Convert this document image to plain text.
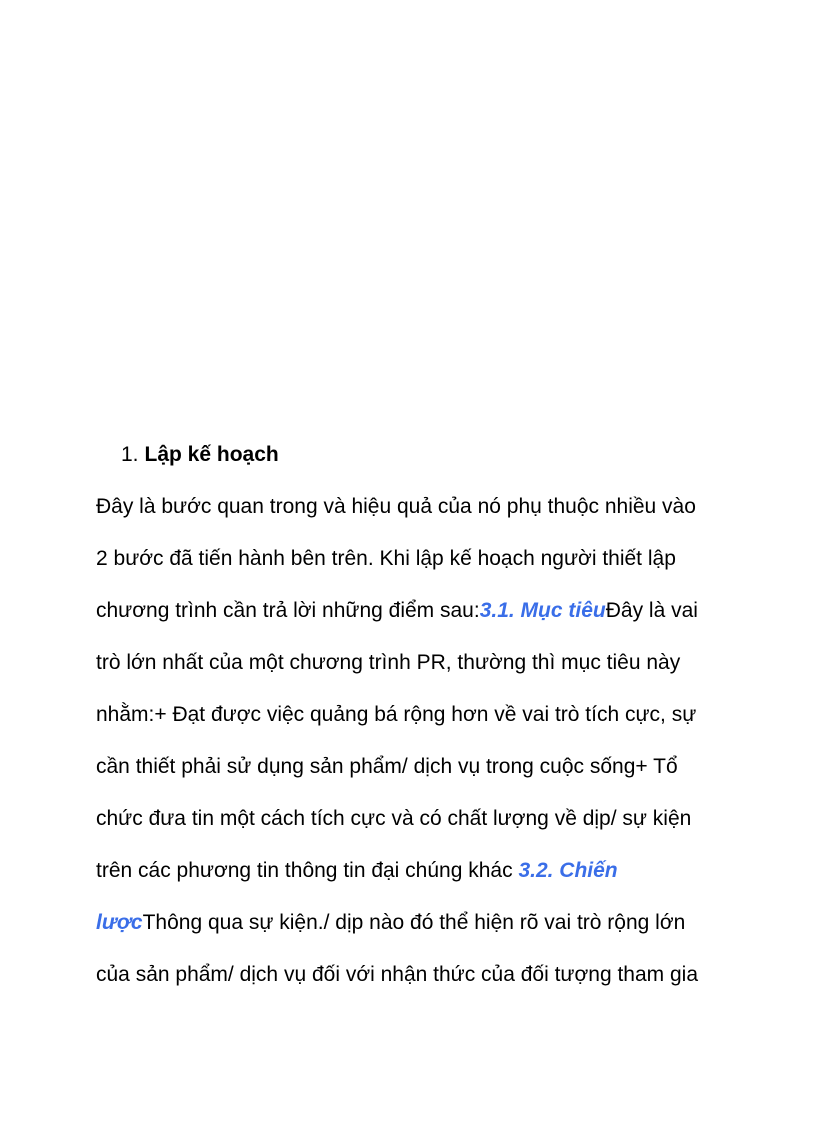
1. Lập kế hoạch
Đây là bước quan trong và hiệu quả của nó phụ thuộc nhiều vào
2 bước đã tiến hành bên trên. Khi lập kế hoạch người thiết lập
chương trình cần trả lời những điểm sau:3.1. Mục tiêuĐây là vai
trò lớn nhất của một chương trình PR, thường thì mục tiêu này
nhằm:+ Đạt được việc quảng bá rộng hơn về vai trò tích cực, sự
cần thiết phải sử dụng sản phẩm/ dịch vụ trong cuộc sống+ Tổ
chức đưa tin một cách tích cực và có chất lượng về dịp/ sự kiện
trên các phương tin thông tin đại chúng khác 3.2. Chiến
lượcThông qua sự kiện./ dịp nào đó thể hiện rõ vai trò rộng lớn
của sản phẩm/ dịch vụ đối với nhận thức của đối tượng tham gia
